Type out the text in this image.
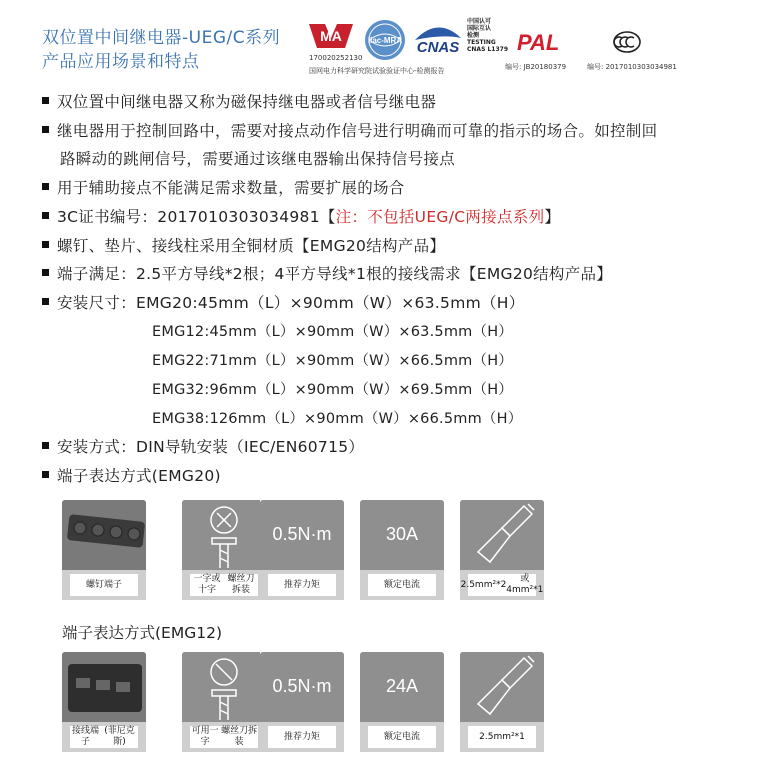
双位置中间继电器-UEG/C系列
产品应用场景和特点
MA
170020252130
国网电力科学研究院试验验证中心-检测报告
ilac-MRA CNAS
中国认可
国际互认
检测
TESTING
CNAS L1379 PAL
编号: JB20180379	编号: 2017010303034981
双位置中间继电器又称为磁保持继电器或者信号继电器
继电器用于控制回路中，需要对接点动作信号进行明确而可靠的指示的场合。如控制回
路瞬动的跳闸信号，需要通过该继电器输出保持信号接点
用于辅助接点不能满足需求数量，需要扩展的场合
3C证书编号：2017010303034981【注：不包括UEG/C两接点系列】
螺钉、垫片、接线柱采用全铜材质【EMG20结构产品】
端子满足：2.5平方导线*2根；4平方导线*1根的接线需求【EMG20结构产品】
安装尺寸：EMG20:45mm（L）×90mm（W）×63.5mm（H）
EMG12:45mm（L）×90mm（W）×63.5mm（H）
EMG22:71mm（L）×90mm（W）×66.5mm（H）
EMG32:96mm（L）×90mm（W）×69.5mm（H）
EMG38:126mm（L）×90mm（W）×66.5mm（H）
安装方式：DIN导轨安装（IEC/EN60715）
端子表达方式(EMG20)
螺钉端子
一字或十字

螺丝刀拆装
0.5N·m
推荐力矩
30A
额定电流	2.5mm²*2

或 4mm²*1
端子表达方式(EMG12)
接线端子

(菲尼克斯)
可用一字

螺丝刀拆装
0.5N·m
推荐力矩
24A
额定电流	2.5mm²*1
